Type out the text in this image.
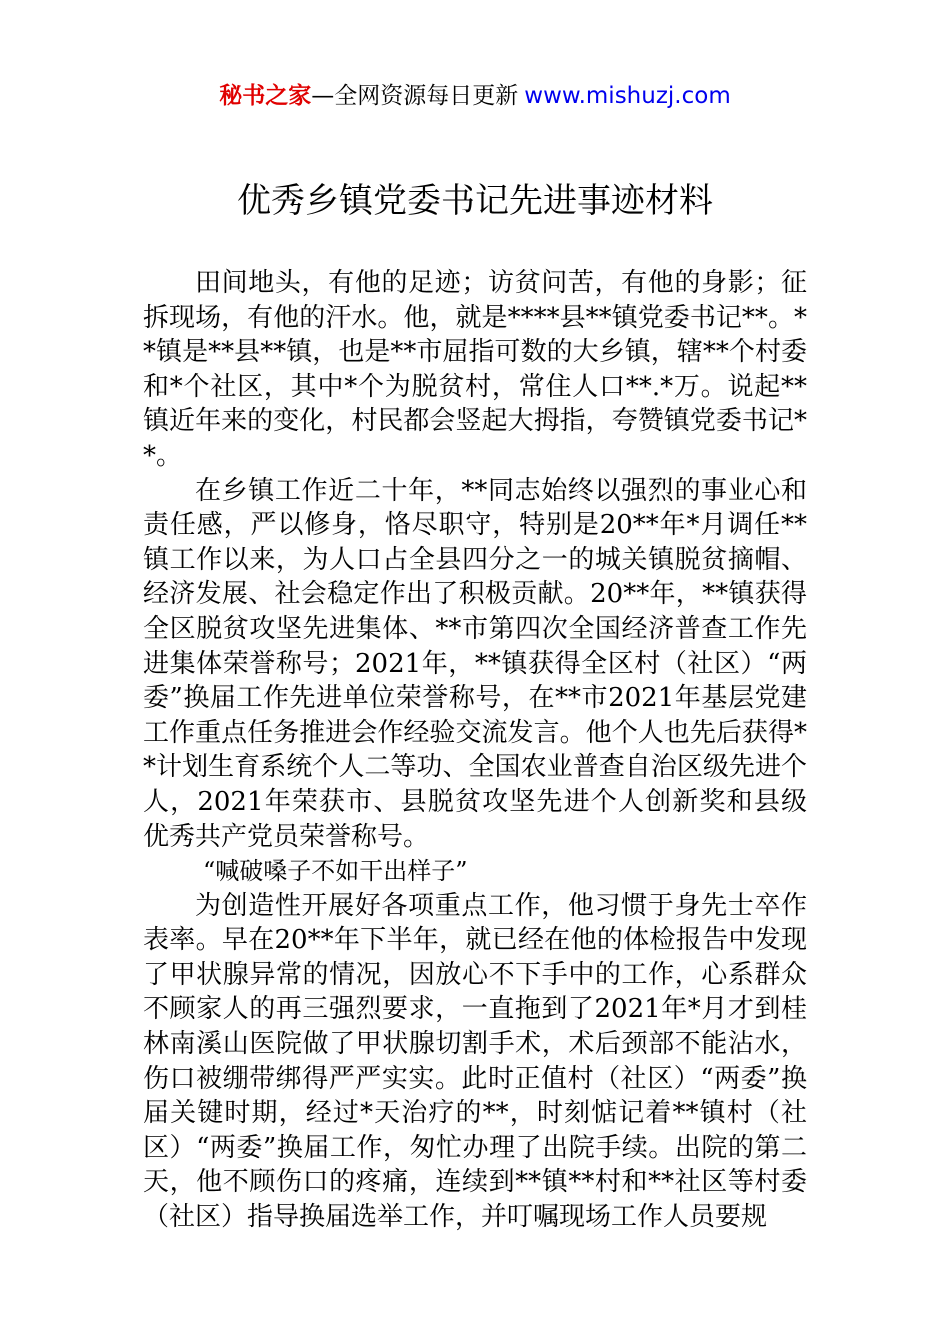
秘书之家—全网资源每日更新 www.mishuzj.com
优秀乡镇党委书记先进事迹材料

田间地头，有他的足迹；访贫问苦，有他的身影；征拆现场，有他的汗水。他，就是****县**镇党委书记**。**镇是**县**镇，也是**市屈指可数的大乡镇，辖**个村委和*个社区，其中*个为脱贫村，常住人口**.*万。说起**镇近年来的变化，村民都会竖起大拇指，夸赞镇党委书记**。

在乡镇工作近二十年，**同志始终以强烈的事业心和责任感，严以修身，恪尽职守，特别是20**年*月调任**镇工作以来，为人口占全县四分之一的城关镇脱贫摘帽、经济发展、社会稳定作出了积极贡献。20**年，**镇获得全区脱贫攻坚先进集体、**市第四次全国经济普查工作先进集体荣誉称号；2021年，**镇获得全区村（社区）“两委”换届工作先进单位荣誉称号，在**市2021年基层党建工作重点任务推进会作经验交流发言。他个人也先后获得**计划生育系统个人二等功、全国农业普查自治区级先进个人，2021年荣获市、县脱贫攻坚先进个人创新奖和县级优秀共产党员荣誉称号。

“喊破嗓子不如干出样子”

为创造性开展好各项重点工作，他习惯于身先士卒作表率。早在20**年下半年，就已经在他的体检报告中发现了甲状腺异常的情况，因放心不下手中的工作，心系群众不顾家人的再三强烈要求，一直拖到了2021年*月才到桂林南溪山医院做了甲状腺切割手术，术后颈部不能沾水，伤口被绷带绑得严严实实。此时正值村（社区）“两委”换届关键时期，经过*天治疗的**，时刻惦记着**镇村（社区）“两委”换届工作，匆忙办理了出院手续。出院的第二天，他不顾伤口的疼痛，连续到**镇**村和**社区等村委（社区）指导换届选举工作，并叮嘱现场工作人员要规
